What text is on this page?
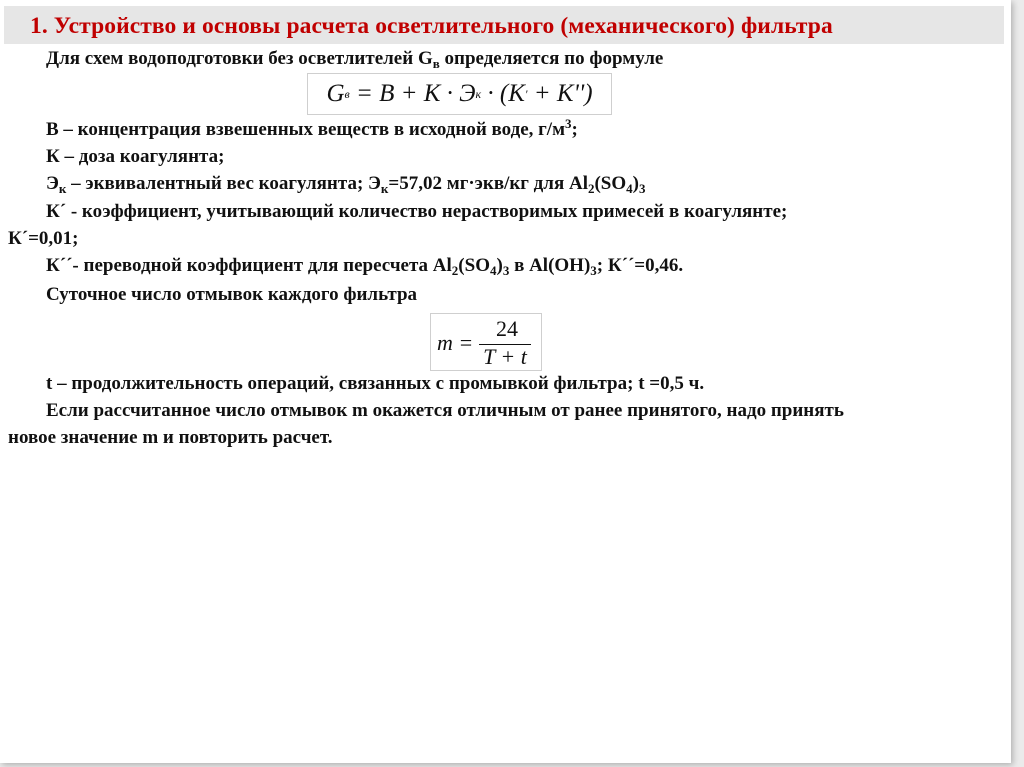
1. Устройство и основы расчета осветлительного (механического) фильтра
Для схем водоподготовки без осветлителей $G_в$ определяется по формуле
G в = B + K · Э к · (K ' + K'')
В – концентрация взвешенных веществ в исходной воде, $г/м^3$;
К – доза коагулянта;
$Э_к$ – эквивалентный вес коагулянта; $Э_к=57,02$ мг·экв/кг для $Al_2(SO_4)_3$
К´ - коэффициент, учитывающий количество нерастворимых примесей в коагулянте;
К´=0,01;
К´´- переводной коэффициент для пересчета $Al_2(SO_4)_3$ в $Al(OH)_3$; К´´=0,46.
Суточное число отмывок каждого фильтра
m =
24
T + t
t – продолжительность операций, связанных с промывкой фильтра; t =0,5 ч.
Если рассчитанное число отмывок m окажется отличным от ранее принятого, надо принять
новое значение m и повторить расчет.
